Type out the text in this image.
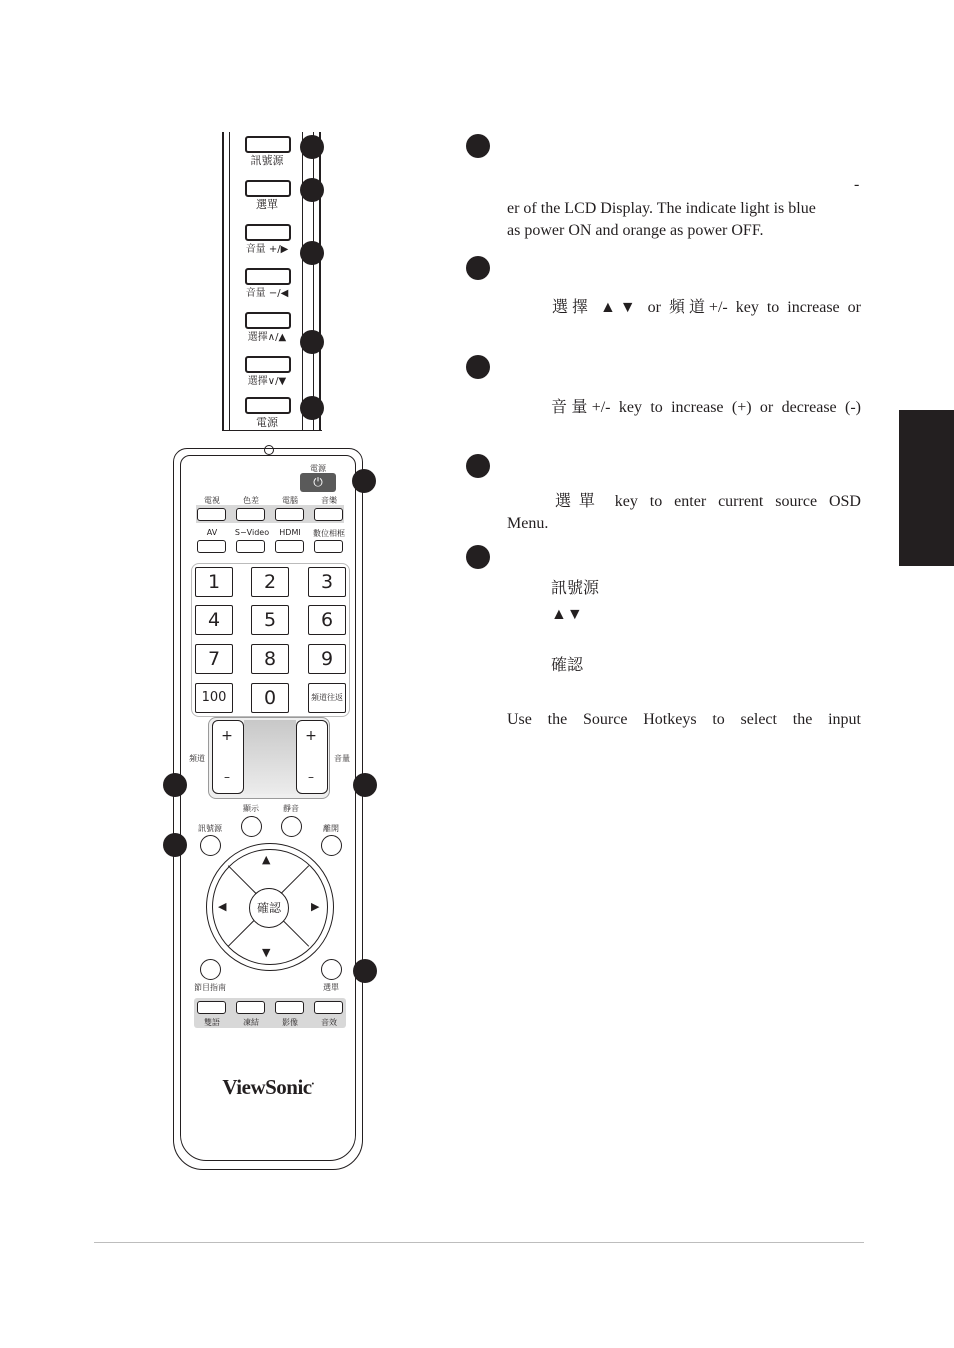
訊號源
選單
音量 +/▶
音量 −/◀
選擇∧/▲
選擇∨/▼
電源
電源
⏻
電視	色差	電腦	音樂
AV	S−Video	HDMI	數位相框
1	2	3
4	5	6
7	8	9
100	0	頻道往返
+
–
+
–
頻道	音量
顯示	靜音
訊號源	離開
▲
▼
◀	▶
確認
節目指南	選單
雙語	凍結	影像	音效
ViewSonic•
-
er of the LCD Display. The indicate light is blue
as power ON and orange as power OFF.
選擇 ▲▼ or 頻道+/- key to increase or
音量+/- key to increase (+) or decrease (-)
選單 key to enter current source OSD
Menu.
訊號源
▲▼
確認
Use the Source Hotkeys to select the input
